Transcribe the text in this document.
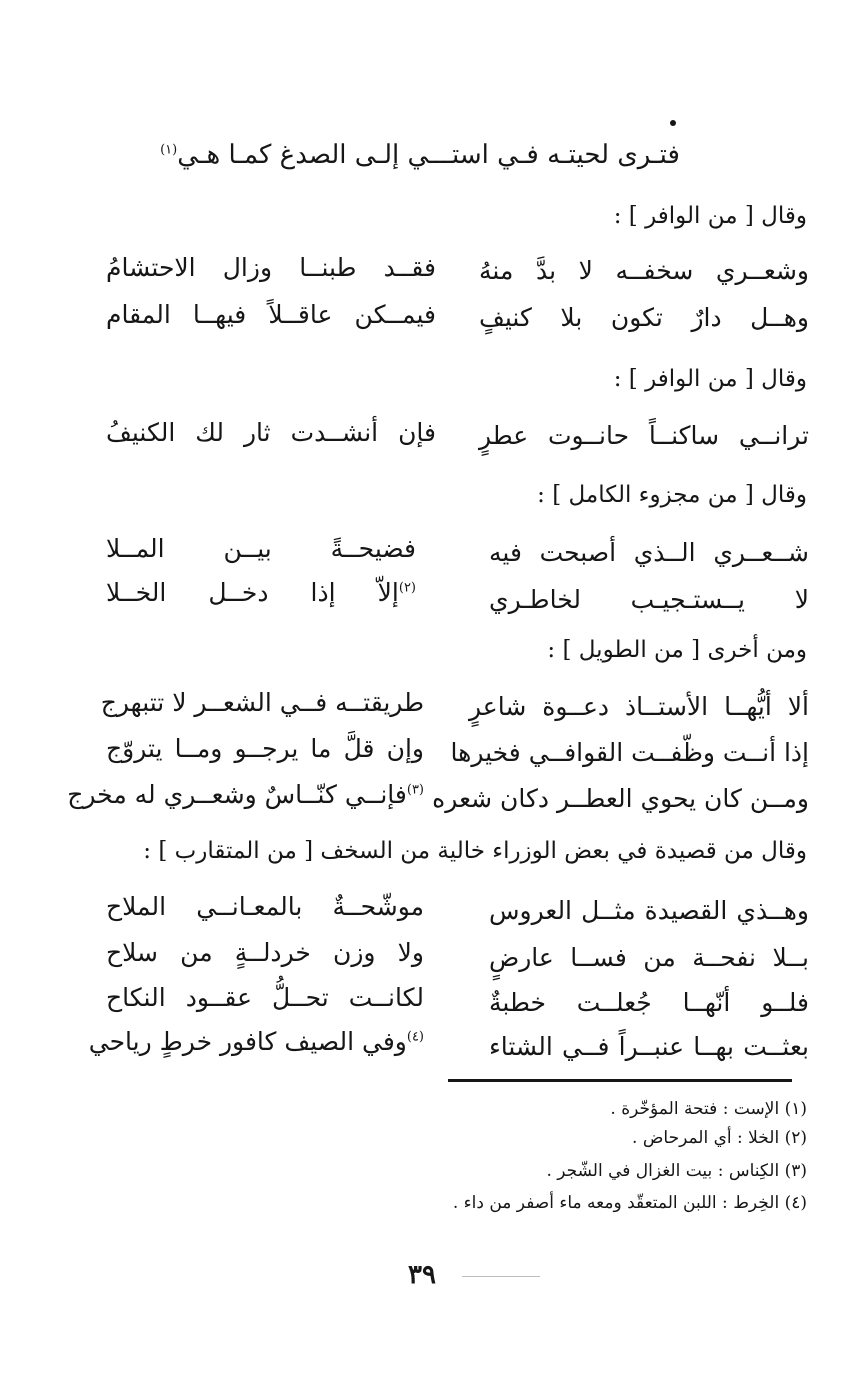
فتـرى لحيتـه فـي استـــي إلـى الصدغ كمـا هـي$^{(١)}$
وقال [ من الوافر ] :
وشعــري سخفــه لا بدَّ منهُ
فقــد طبنــا وزال الاحتشامُ
وهــل دارٌ تكون بلا كنيفٍ
فيمــكن عاقــلاً فيهــا المقام
وقال [ من الوافر ] :
ترانــي ساكنــاً حانــوت عطرٍ
فإن أنشــدت ثار لك الكنيفُ
وقال [ من مجزوء الكامل ] :
شــعــري الــذي أصبحت فيه
فضيحــةً بيــن المــلا
لا يــستـجيـب لخاطـري
$^{(٢)}$إلاّ إذا دخــل الخــلا
ومن أخرى [ من الطويل ] :
ألا أيُّهــا الأستــاذ دعــوة شاعرٍ
طريقتــه فــي الشعــر لا تتبهرج
إذا أنــت وظّفــت القوافــي فخيرها
وإن قلَّ ما يرجــو ومــا يتروّج
ومــن كان يحوي العطــر دكان شعره
$^{(٣)}$فإنــي كنّــاسٌ وشعــري له مخرج
وقال من قصيدة في بعض الوزراء خالية من السخف [ من المتقارب ] :
وهــذي القصيدة مثــل العروس
موشّحــةٌ بالمعـانــي الملاح
بــلا نفحــة من فســا عارضٍ
ولا وزن خردلــةٍ من سلاح
فلــو أنّهــا جُعلــت خطبةٌ
لكانــت تحــلُّ عقــود النكاح
بعثــت بهــا عنبــراً فــي الشتاء
$^{(٤)}$وفي الصيف كافور خرطٍ رياحي
(١) الإست : فتحة المؤخّرة .
(٢) الخلا : أي المرحاض .
(٣) الكِناس : بيت الغزال في الشّجر .
(٤) الخِرط : اللبن المتعقّد ومعه ماء أصفر من داء .
٣٩
